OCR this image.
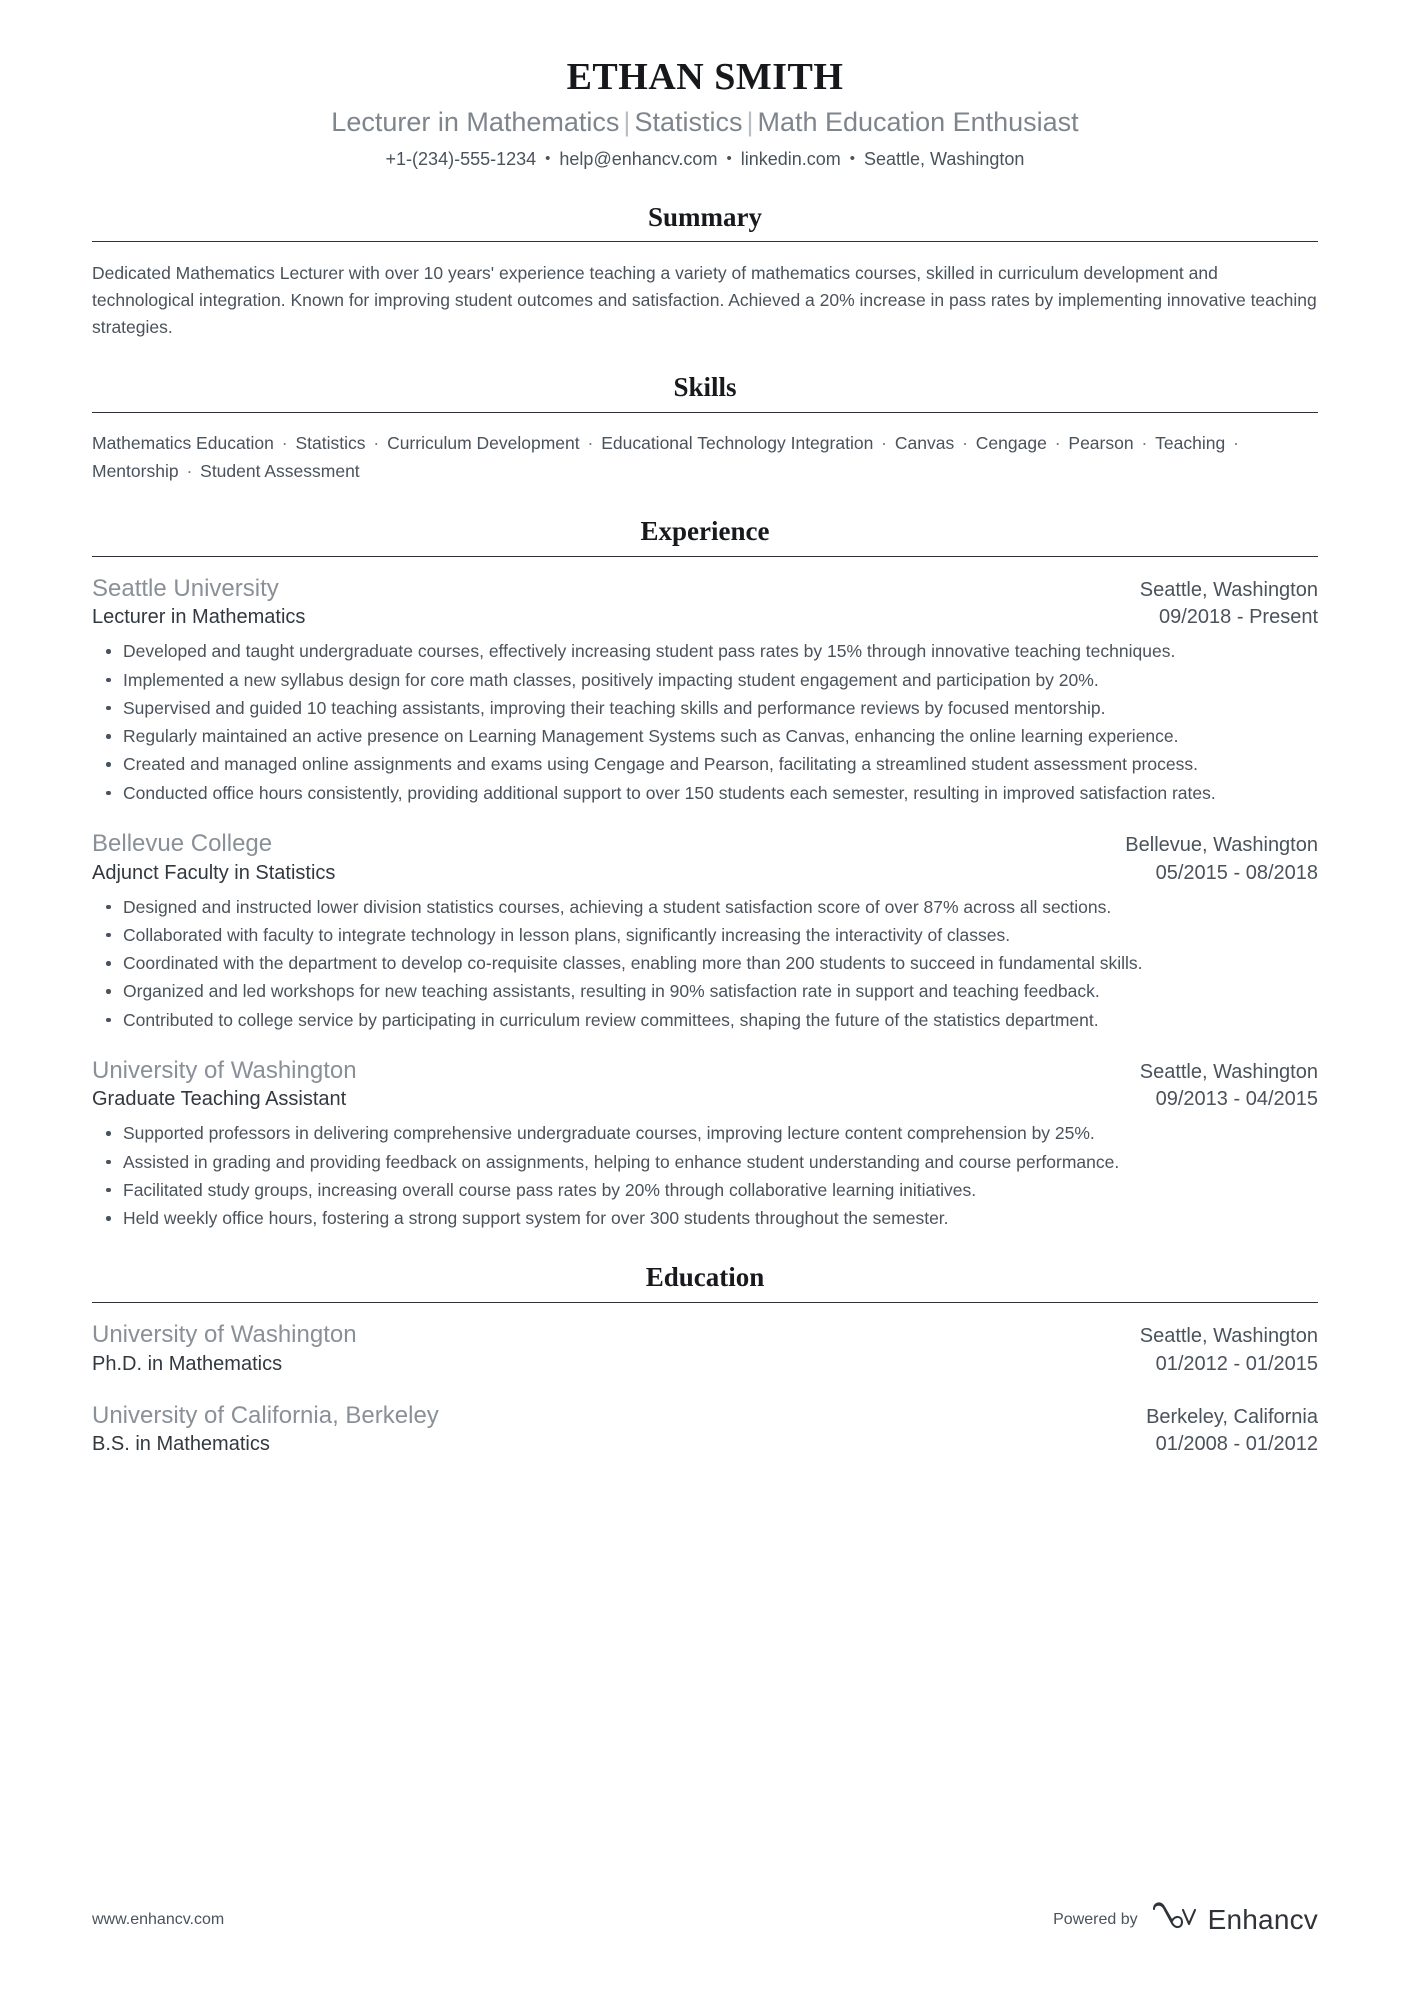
ETHAN SMITH
Lecturer in Mathematics | Statistics | Math Education Enthusiast
+1-(234)-555-1234 • help@enhancv.com • linkedin.com • Seattle, Washington
Summary

Dedicated Mathematics Lecturer with over 10 years' experience teaching a variety of mathematics courses, skilled in curriculum development and technological integration. Known for improving student outcomes and satisfaction. Achieved a 20% increase in pass rates by implementing innovative teaching strategies.

Skills
Mathematics Education · Statistics · Curriculum Development · Educational Technology Integration · Canvas · Cengage · Pearson · Teaching · Mentorship · Student Assessment
Experience
Seattle University	Seattle, Washington
Lecturer in Mathematics	09/2018 - Present
Developed and taught undergraduate courses, effectively increasing student pass rates by 15% through innovative teaching techniques.
Implemented a new syllabus design for core math classes, positively impacting student engagement and participation by 20%.
Supervised and guided 10 teaching assistants, improving their teaching skills and performance reviews by focused mentorship.
Regularly maintained an active presence on Learning Management Systems such as Canvas, enhancing the online learning experience.
Created and managed online assignments and exams using Cengage and Pearson, facilitating a streamlined student assessment process.
Conducted office hours consistently, providing additional support to over 150 students each semester, resulting in improved satisfaction rates.
Bellevue College	Bellevue, Washington
Adjunct Faculty in Statistics	05/2015 - 08/2018
Designed and instructed lower division statistics courses, achieving a student satisfaction score of over 87% across all sections.
Collaborated with faculty to integrate technology in lesson plans, significantly increasing the interactivity of classes.
Coordinated with the department to develop co-requisite classes, enabling more than 200 students to succeed in fundamental skills.
Organized and led workshops for new teaching assistants, resulting in 90% satisfaction rate in support and teaching feedback.
Contributed to college service by participating in curriculum review committees, shaping the future of the statistics department.
University of Washington	Seattle, Washington
Graduate Teaching Assistant	09/2013 - 04/2015
Supported professors in delivering comprehensive undergraduate courses, improving lecture content comprehension by 25%.
Assisted in grading and providing feedback on assignments, helping to enhance student understanding and course performance.
Facilitated study groups, increasing overall course pass rates by 20% through collaborative learning initiatives.
Held weekly office hours, fostering a strong support system for over 300 students throughout the semester.
Education
University of Washington	Seattle, Washington
Ph.D. in Mathematics	01/2012 - 01/2015
University of California, Berkeley	Berkeley, California
B.S. in Mathematics	01/2008 - 01/2012
www.enhancv.com	Powered by	Enhancv
